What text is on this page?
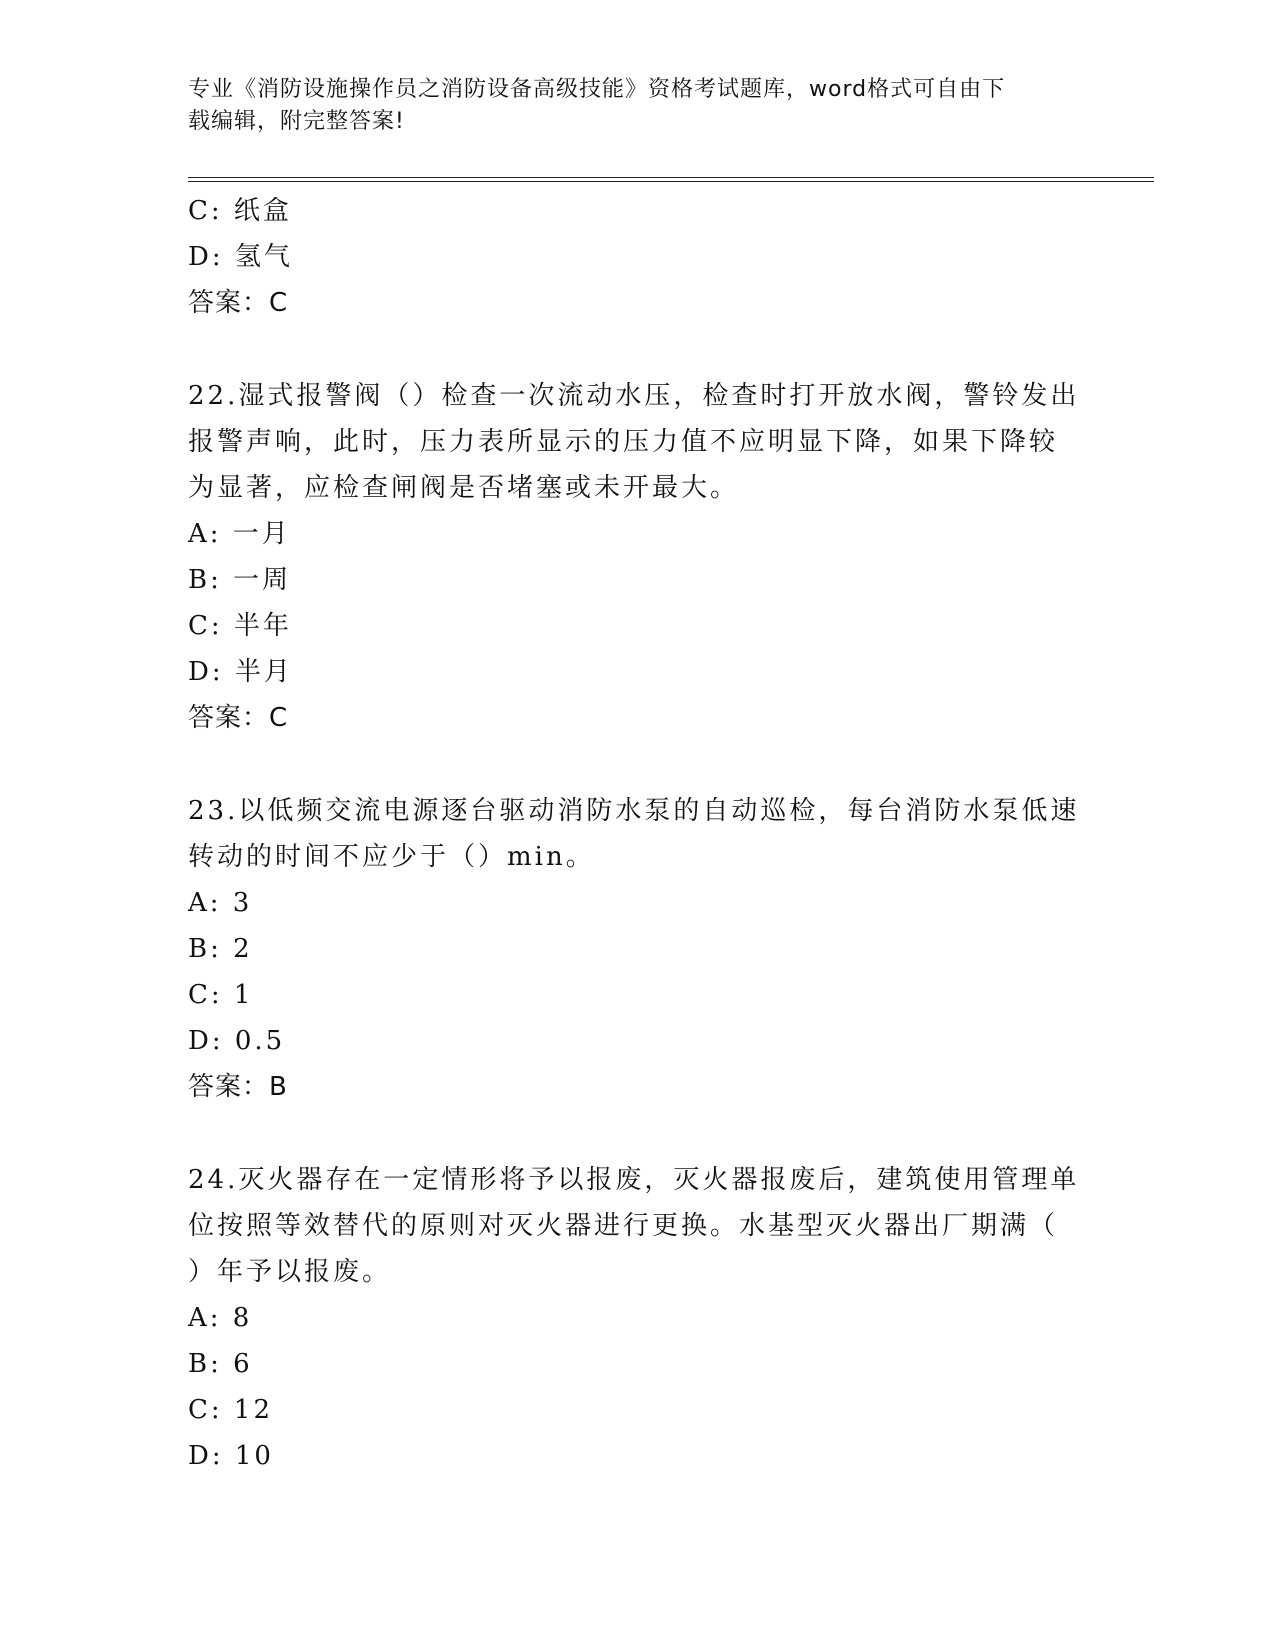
专业《消防设施操作员之消防设备高级技能》资格考试题库，word格式可自由下
载编辑，附完整答案!
C: 纸盒
D: 氢气
答案：C
22.湿式报警阀（）检查一次流动水压，检查时打开放水阀，警铃发出
报警声响，此时，压力表所显示的压力值不应明显下降，如果下降较
为显著，应检查闸阀是否堵塞或未开最大。
A: 一月
B: 一周
C: 半年
D: 半月
答案：C
23.以低频交流电源逐台驱动消防水泵的自动巡检，每台消防水泵低速
转动的时间不应少于（）min。
A: 3
B: 2
C: 1
D: 0.5
答案：B
24.灭火器存在一定情形将予以报废，灭火器报废后，建筑使用管理单
位按照等效替代的原则对灭火器进行更换。水基型灭火器出厂期满（
）年予以报废。
A: 8
B: 6
C: 12
D: 10
